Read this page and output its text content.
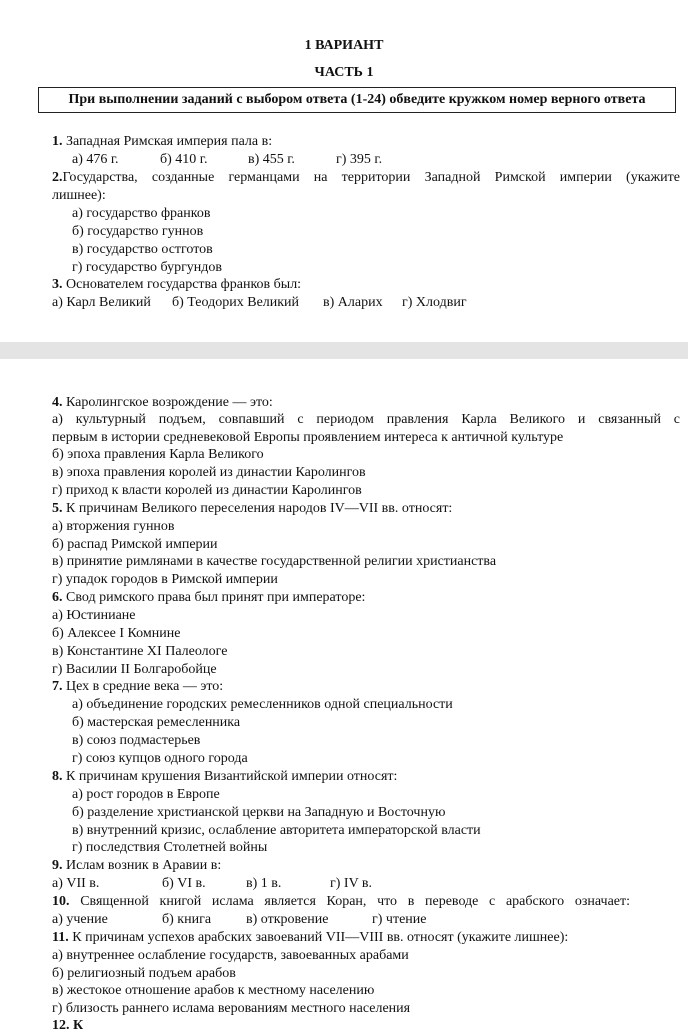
1 ВАРИАНТ
ЧАСТЬ 1
При выполнении заданий с выбором ответа (1-24) обведите кружком номер верного ответа
1. Западная Римская империя пала в:
а) 476 г.	б) 410 г.	в) 455 г.	г) 395 г.
2.Государства, созданные германцами на территории Западной Римской империи (укажите
лишнее):
а) государство франков
б) государство гуннов
в) государство остготов
г) государство бургундов
3. Основателем государства франков был:
а) Карл Великий б) Теодорих Великий в) Аларих г) Хлодвиг
4. Каролингское возрождение — это:
а) культурный подъем, совпавший с периодом правления Карла Великого и связанный с
первым в истории средневековой Европы проявлением интереса к античной культуре
б) эпоха правления Карла Великого
в) эпоха правления королей из династии Каролингов
г) приход к власти королей из династии Каролингов
5. К причинам Великого переселения народов IV—VII вв. относят:
а) вторжения гуннов
б) распад Римской империи
в) принятие римлянами в качестве государственной религии христианства
г) упадок городов в Римской империи
6. Свод римского права был принят при императоре:
а) Юстиниане
б) Алексее I Комнине
в) Константине XI Палеологе
г) Василии II Болгаробойце
7. Цех в средние века — это:
а) объединение городских ремесленников одной специальности
б) мастерская ремесленника
в) союз подмастерьев
г) союз купцов одного города
8. К причинам крушения Византийской империи относят:
а) рост городов в Европе
б) разделение христианской церкви на Западную и Восточную
в) внутренний кризис, ослабление авторитета императорской власти
г) последствия Столетней войны
9. Ислам возник в Аравии в:
а) VII в.	б) VI в.	в) 1 в.	г) IV в.
10. Священной книгой ислама является Коран, что в переводе с арабского означает:
а) учение	б) книга в) откровение	г) чтение
11. К причинам успехов арабских завоеваний VII—VIII вв. относят (укажите лишнее):
а) внутреннее ослабление государств, завоеванных арабами
б) религиозный подъем арабов
в) жестокое отношение арабов к местному населению
г) близость раннего ислама верованиям местного населения
12. К
